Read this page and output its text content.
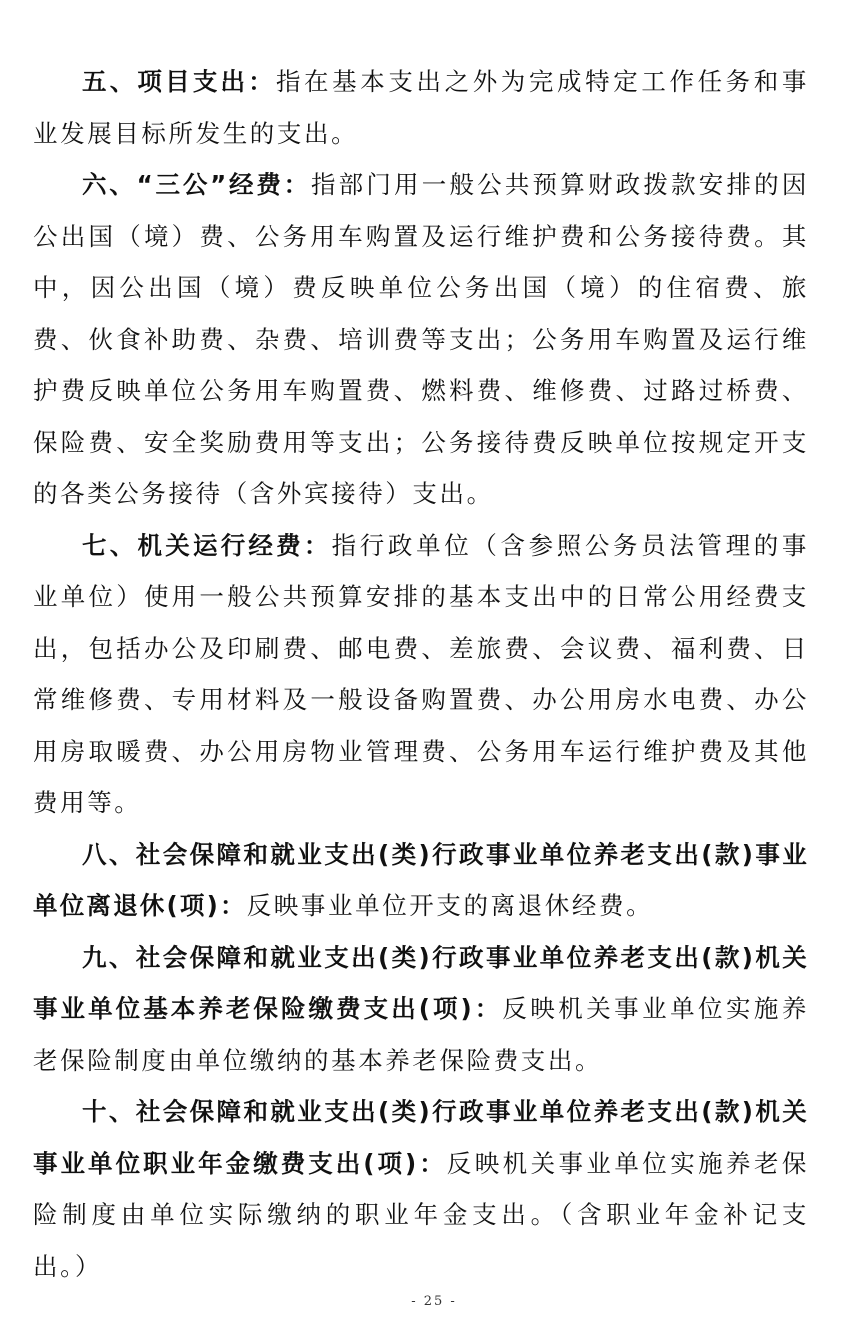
五、项目支出：指在基本支出之外为完成特定工作任务和事业发展目标所发生的支出。

六、“三公”经费：指部门用一般公共预算财政拨款安排的因公出国（境）费、公务用车购置及运行维护费和公务接待费。其中，因公出国（境）费反映单位公务出国（境）的住宿费、旅费、伙食补助费、杂费、培训费等支出；公务用车购置及运行维护费反映单位公务用车购置费、燃料费、维修费、过路过桥费、保险费、安全奖励费用等支出；公务接待费反映单位按规定开支的各类公务接待（含外宾接待）支出。

七、机关运行经费：指行政单位（含参照公务员法管理的事业单位）使用一般公共预算安排的基本支出中的日常公用经费支出，包括办公及印刷费、邮电费、差旅费、会议费、福利费、日常维修费、专用材料及一般设备购置费、办公用房水电费、办公用房取暖费、办公用房物业管理费、公务用车运行维护费及其他费用等。

八、社会保障和就业支出(类)行政事业单位养老支出(款)事业单位离退休(项)：反映事业单位开支的离退休经费。

九、社会保障和就业支出(类)行政事业单位养老支出(款)机关事业单位基本养老保险缴费支出(项)：反映机关事业单位实施养老保险制度由单位缴纳的基本养老保险费支出。

十、社会保障和就业支出(类)行政事业单位养老支出(款)机关事业单位职业年金缴费支出(项)：反映机关事业单位实施养老保险制度由单位实际缴纳的职业年金支出。（含职业年金补记支出。）

- 25 -
